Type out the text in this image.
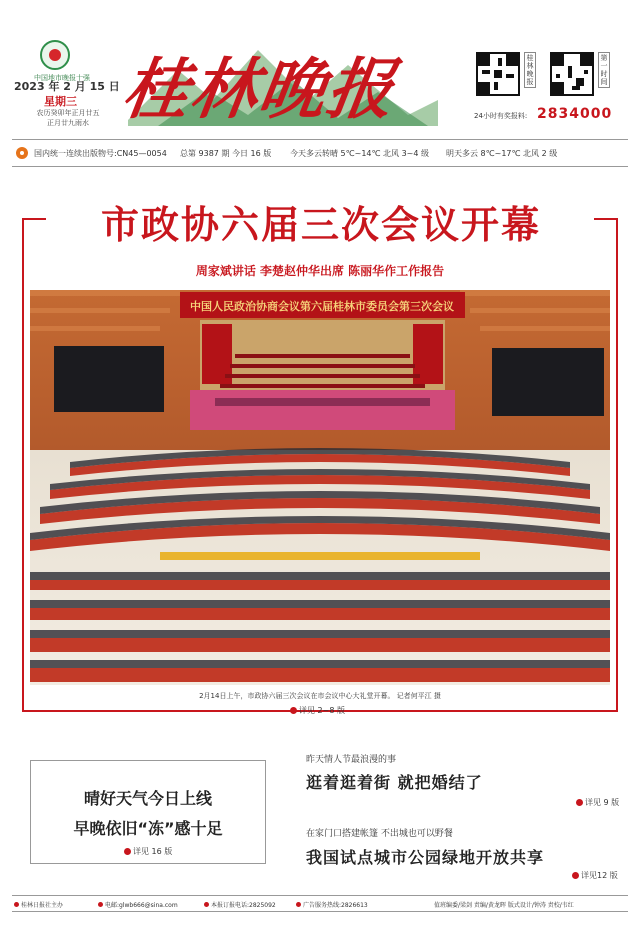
中国地市晚报十强
2023 年 2 月 15 日
星期三
农历癸卯年正月廿五
正月廿九雨水 桂林晚报	桂林晚报
第一时间
24小时有奖报料: 2834000
国内统一连续出版物号:CN45—0054 总第 9387 期 今日 16 版 今天多云转晴 5℃~14℃ 北风 3~4 级 明天多云 8℃~17℃ 北风 2 级
市政协六届三次会议开幕
周家斌讲话 李楚赵仲华出席 陈丽华作工作报告
中国人民政治协商会议第六届桂林市委员会第三次会议
2月14日上午，市政协六届三次会议在市会议中心大礼堂开幕。 记者何平江 摄
详见 2~8 版
晴好天气今日上线
早晚依旧“冻”感十足
详见 16 版
昨天情人节最浪漫的事
逛着逛着街 就把婚结了
详见 9 版
在家门口搭建帐篷 不出城也可以野餐
我国试点城市公园绿地开放共享
详见12 版
桂林日报社主办	电邮:glwb666@sina.com	本报订报电话:2825092	广告服务热线:2826613	值班编委/梁剑 责编/黄龙晖 版式设计/钟涛 责校/韦红
